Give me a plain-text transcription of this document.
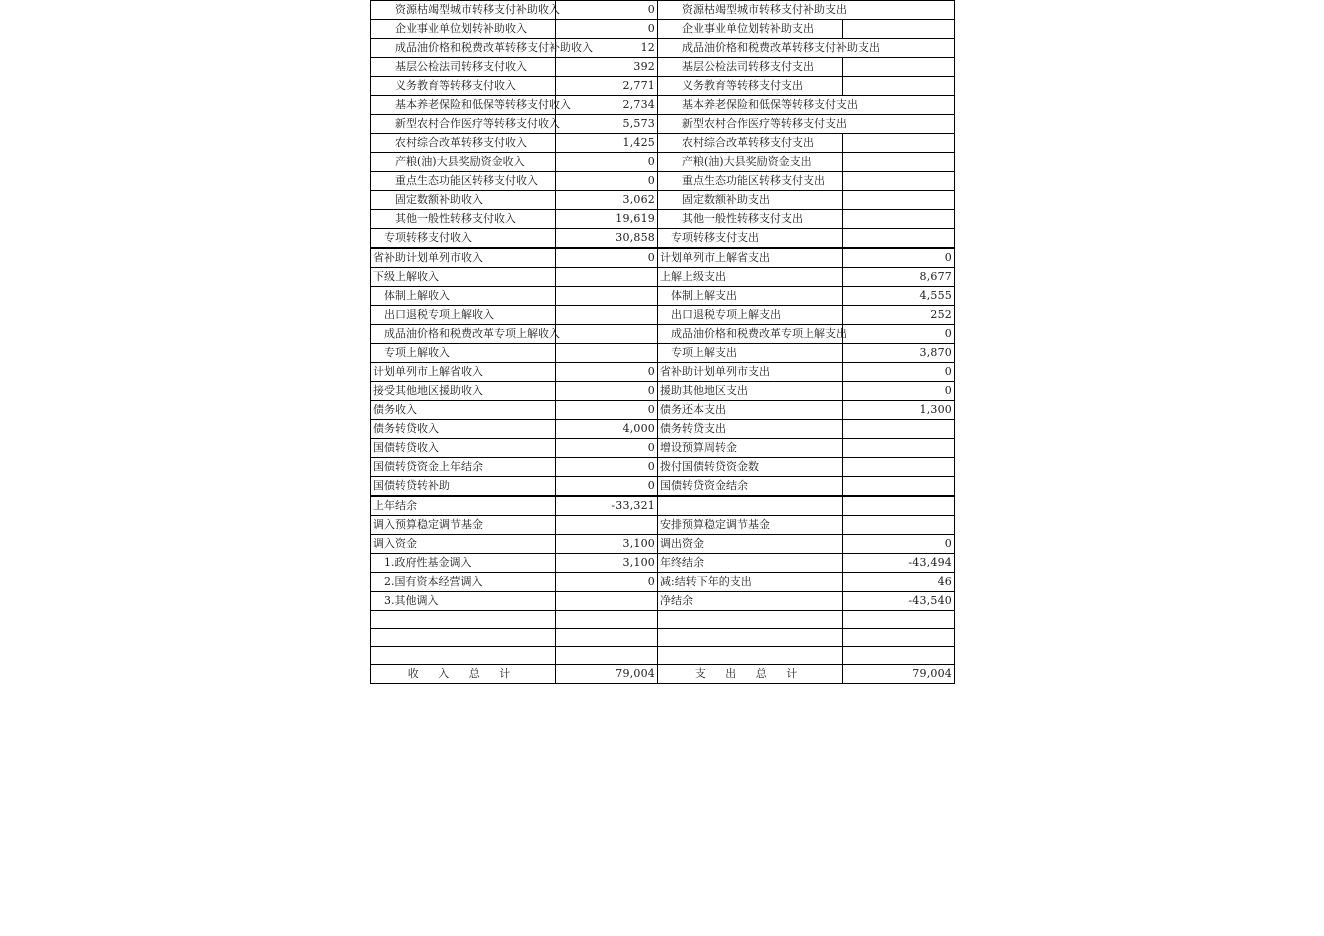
资源枯竭型城市转移支付补助收入	0	资源枯竭型城市转移支付补助支出	
企业事业单位划转补助收入	0	企业事业单位划转补助支出	
成品油价格和税费改革转移支付补助收入	12	成品油价格和税费改革转移支付补助支出	
基层公检法司转移支付收入	392	基层公检法司转移支付支出	
义务教育等转移支付收入	2,771	义务教育等转移支付支出	
基本养老保险和低保等转移支付收入	2,734	基本养老保险和低保等转移支付支出	
新型农村合作医疗等转移支付收入	5,573	新型农村合作医疗等转移支付支出	
农村综合改革转移支付收入	1,425	农村综合改革转移支付支出	
产粮(油)大县奖励资金收入	0	产粮(油)大县奖励资金支出	
重点生态功能区转移支付收入	0	重点生态功能区转移支付支出	
固定数额补助收入	3,062	固定数额补助支出	
其他一般性转移支付收入	19,619	其他一般性转移支付支出	
专项转移支付收入	30,858	专项转移支付支出	
省补助计划单列市收入	0	计划单列市上解省支出	0
下级上解收入		上解上级支出	8,677
体制上解收入		体制上解支出	4,555
出口退税专项上解收入		出口退税专项上解支出	252
成品油价格和税费改革专项上解收入		成品油价格和税费改革专项上解支出	0
专项上解收入		专项上解支出	3,870
计划单列市上解省收入	0	省补助计划单列市支出	0
接受其他地区援助收入	0	援助其他地区支出	0
债务收入	0	债务还本支出	1,300
债务转贷收入	4,000	债务转贷支出	
国债转贷收入	0	增设预算周转金	
国债转贷资金上年结余	0	拨付国债转贷资金数	
国债转贷转补助	0	国债转贷资金结余	
上年结余	-33,321		
调入预算稳定调节基金		安排预算稳定调节基金	
调入资金	3,100	调出资金	0
1.政府性基金调入	3,100	年终结余	-43,494
2.国有资本经营调入	0	减:结转下年的支出	46
3.其他调入		净结余	-43,540

收 入 总 计	79,004	支 出 总 计	79,004
